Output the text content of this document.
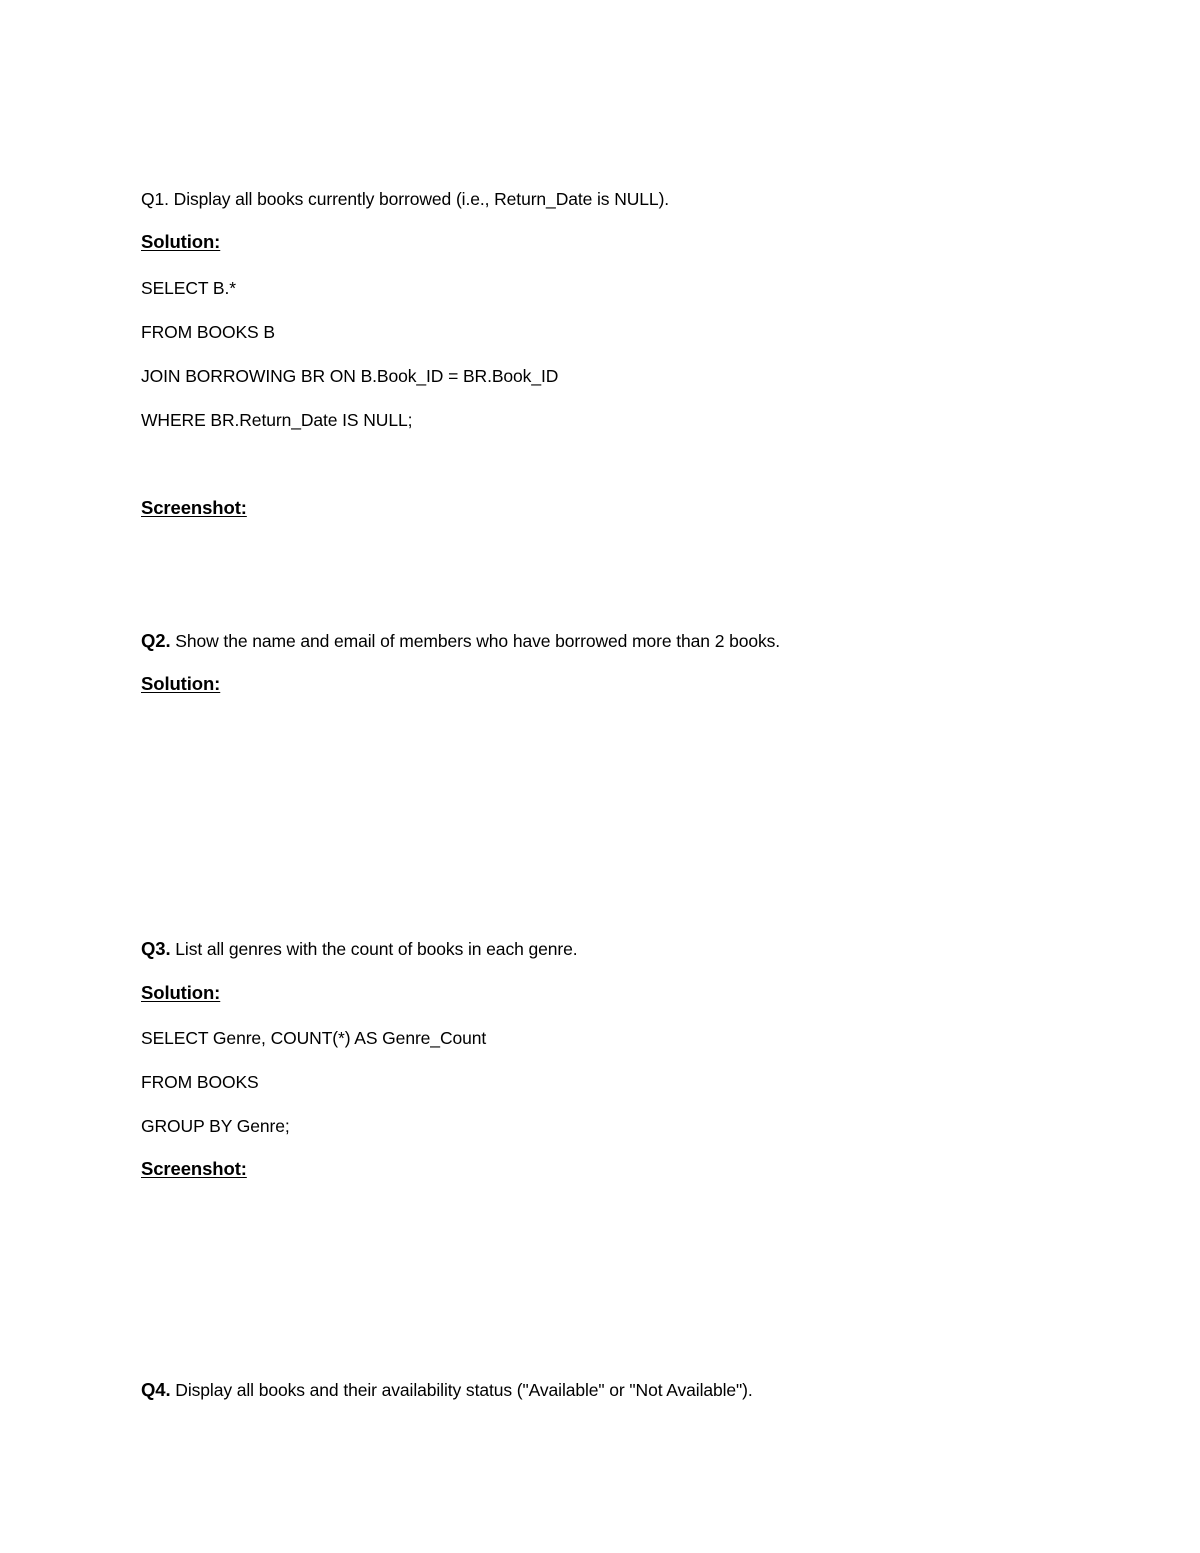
Q1. Display all books currently borrowed (i.e., Return_Date is NULL).
Solution:
SELECT B.*
FROM BOOKS B
JOIN BORROWING BR ON B.Book_ID = BR.Book_ID
WHERE BR.Return_Date IS NULL;
Screenshot:
Q2. Show the name and email of members who have borrowed more than 2 books.
Solution:
Q3. List all genres with the count of books in each genre.
Solution:
SELECT Genre, COUNT(*) AS Genre_Count
FROM BOOKS
GROUP BY Genre;
Screenshot:
Q4. Display all books and their availability status ("Available" or "Not Available").
